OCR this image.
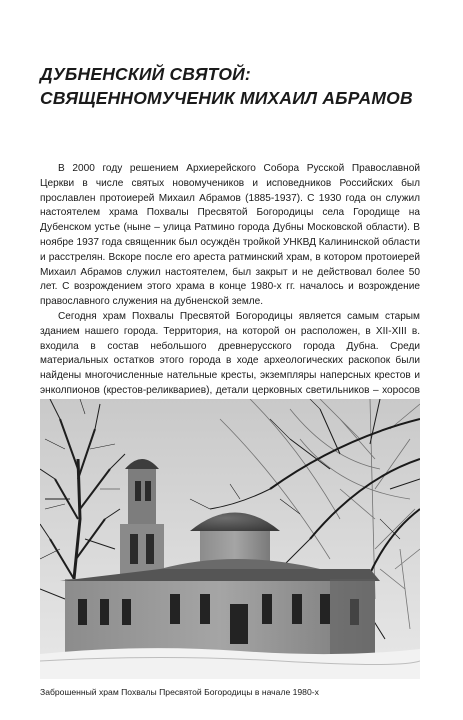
ДУБНЕНСКИЙ СВЯТОЙ:
СВЯЩЕННОМУЧЕНИК МИХАИЛ АБРАМОВ

В 2000 году решением Архиерейского Собора Русской Православной Церкви в числе святых новомучеников и исповедников Российских был прославлен протоиерей Михаил Абрамов (1885-1937). С 1930 года он служил настоятелем храма Похвалы Пресвятой Богородицы села Городище на Дубенском устье (ныне – улица Ратмино города Дубны Московской области). В ноябре 1937 года священник был осуждён тройкой УНКВД Калининской области и расстрелян. Вскоре после его ареста ратминский храм, в котором протоиерей Михаил Абрамов служил настоятелем, был закрыт и не действовал более 50 лет. С возрождением этого храма в конце 1980-х гг. началось и возрождение православного служения на дубненской земле.

Сегодня храм Похвалы Пресвятой Богородицы является самым старым зданием нашего города. Территория, на которой он расположен, в XII-XIII в. входила в состав небольшого древнерусского города Дубна. Среди материальных остатков этого города в ходе археологических раскопок были найдены многочисленные нательные кресты, экземпляры наперсных крестов и энколпионов (крестов-реликвариев), детали церковных светильников – хоросов

Заброшенный храм Похвалы Пресвятой Богородицы в начале 1980-х
